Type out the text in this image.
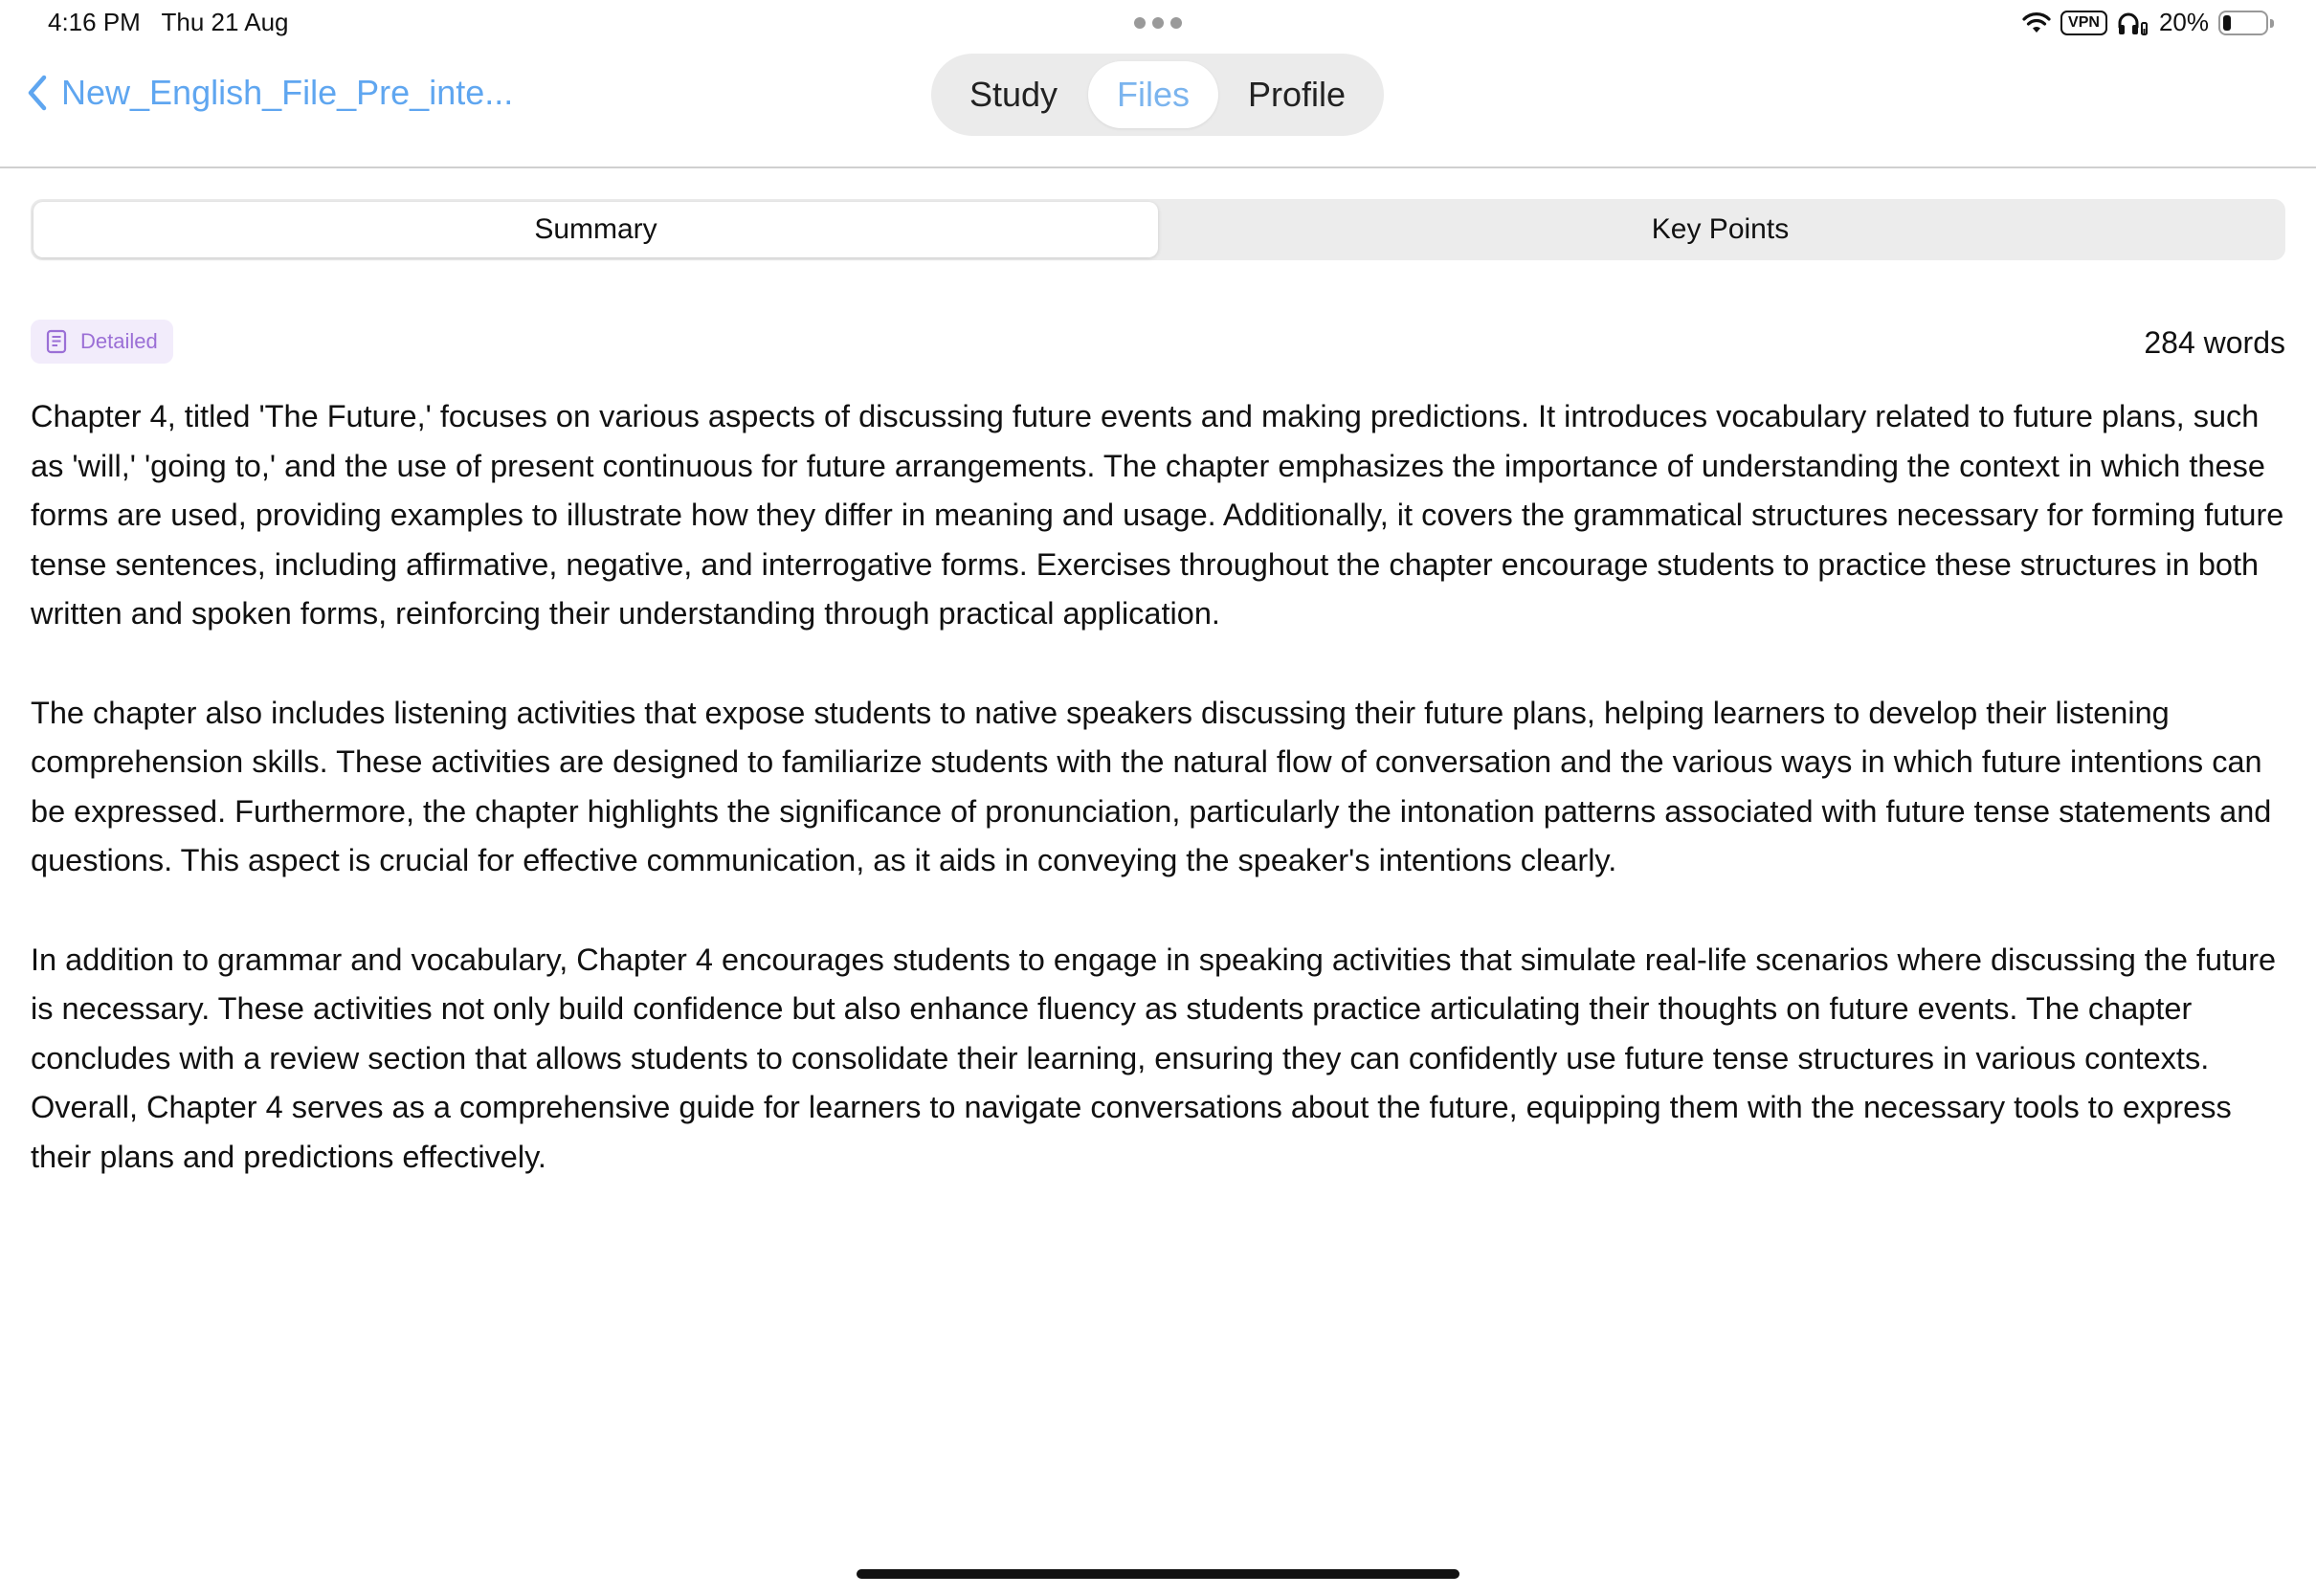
4:16 PM Thu 21 Aug	VPN	20%
New_English_File_Pre_inte...	Study	Files	Profile
Summary	Key Points
Detailed	284 words

Chapter 4, titled 'The Future,' focuses on various aspects of discussing future events and making predictions. It introduces vocabulary related to future plans, such as 'will,' 'going to,' and the use of present continuous for future arrangements. The chapter emphasizes the importance of understanding the context in which these forms are used, providing examples to illustrate how they differ in meaning and usage. Additionally, it covers the grammatical structures necessary for forming future tense sentences, including affirmative, negative, and interrogative forms. Exercises throughout the chapter encourage students to practice these structures in both written and spoken forms, reinforcing their understanding through practical application.

The chapter also includes listening activities that expose students to native speakers discussing their future plans, helping learners to develop their listening comprehension skills. These activities are designed to familiarize students with the natural flow of conversation and the various ways in which future intentions can be expressed. Furthermore, the chapter highlights the significance of pronunciation, particularly the intonation patterns associated with future tense statements and questions. This aspect is crucial for effective communication, as it aids in conveying the speaker's intentions clearly.

In addition to grammar and vocabulary, Chapter 4 encourages students to engage in speaking activities that simulate real-life scenarios where discussing the future is necessary. These activities not only build confidence but also enhance fluency as students practice articulating their thoughts on future events. The chapter concludes with a review section that allows students to consolidate their learning, ensuring they can confidently use future tense structures in various contexts. Overall, Chapter 4 serves as a comprehensive guide for learners to navigate conversations about the future, equipping them with the necessary tools to express their plans and predictions effectively.
